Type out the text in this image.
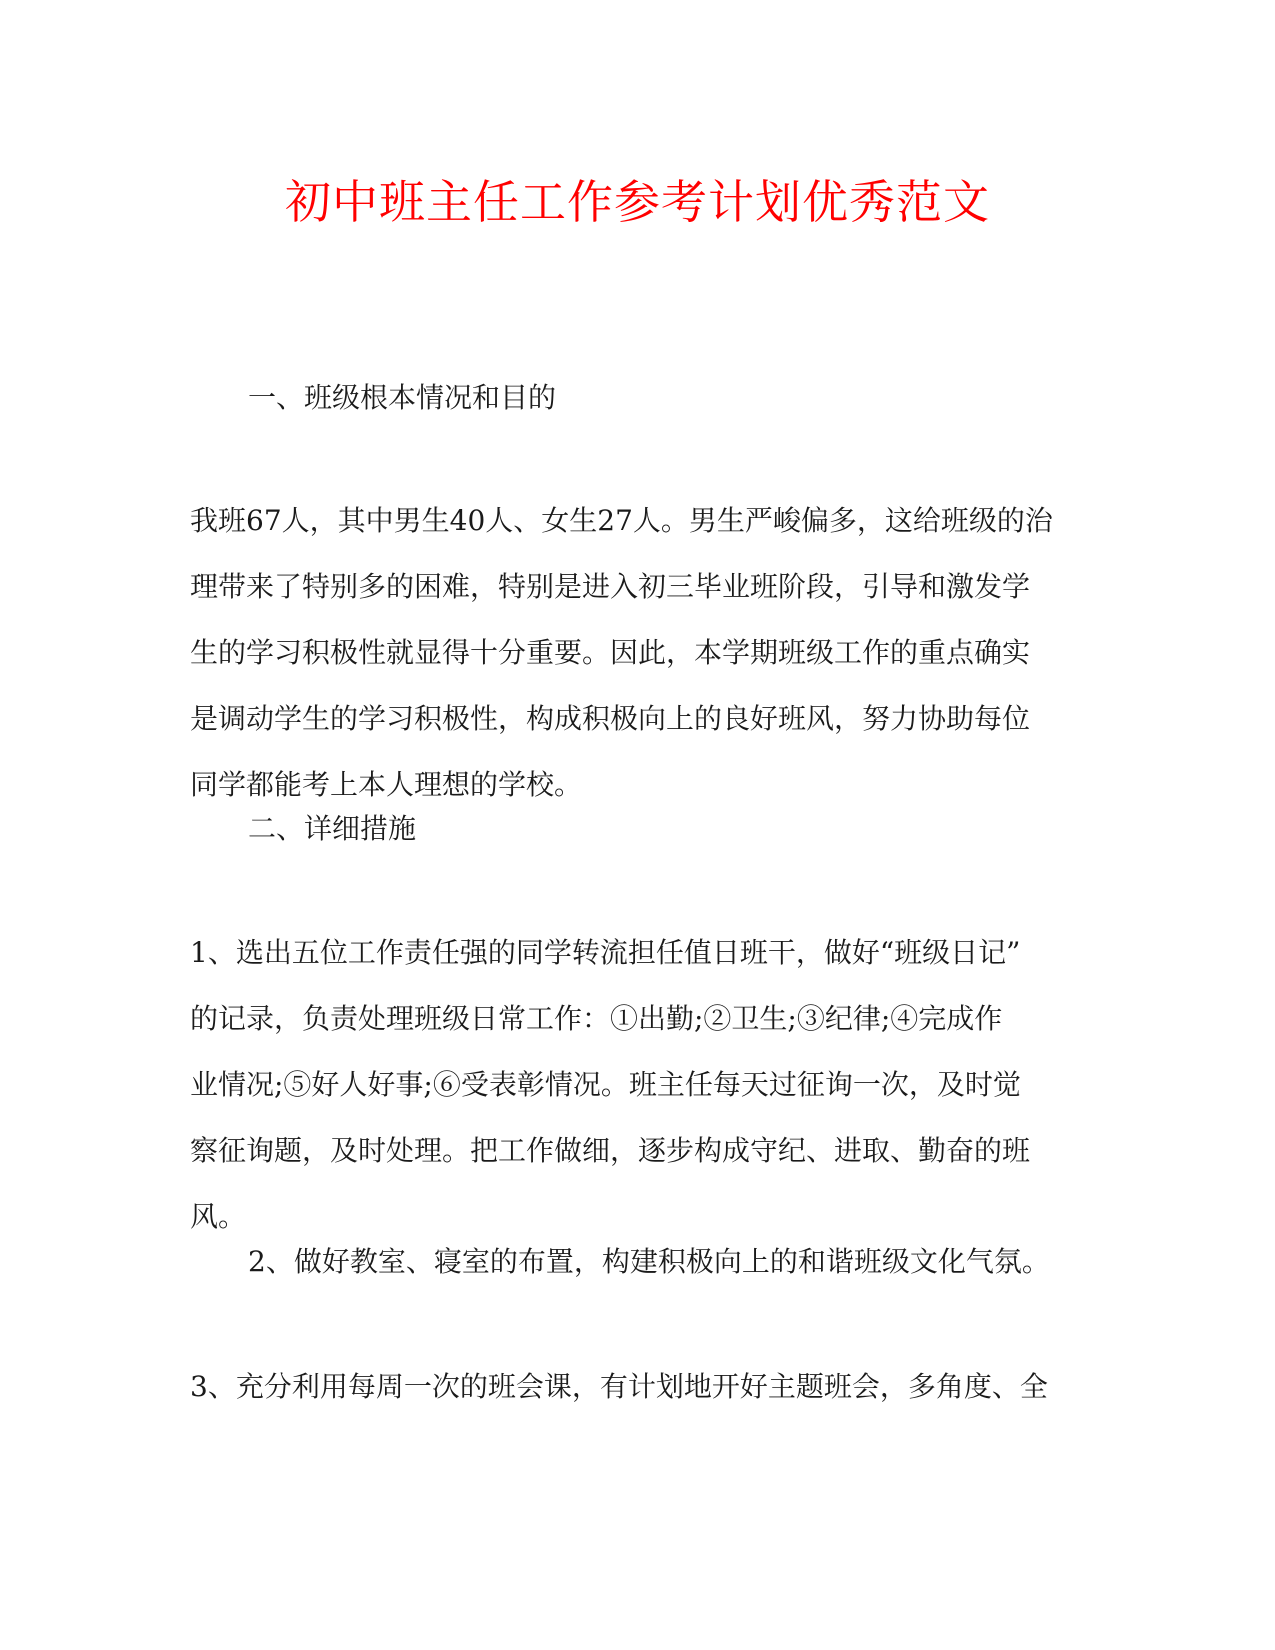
初中班主任工作参考计划优秀范文

一、班级根本情况和目的

我班67人，其中男生40人、女生27人。男生严峻偏多，这给班级的治
理带来了特别多的困难，特别是进入初三毕业班阶段，引导和激发学
生的学习积极性就显得十分重要。因此，本学期班级工作的重点确实
是调动学生的学习积极性，构成积极向上的良好班风，努力协助每位
同学都能考上本人理想的学校。

二、详细措施

1、选出五位工作责任强的同学转流担任值日班干，做好“班级日记”
的记录，负责处理班级日常工作：①出勤;②卫生;③纪律;④完成作
业情况;⑤好人好事;⑥受表彰情况。班主任每天过征询一次，及时觉
察征询题，及时处理。把工作做细，逐步构成守纪、进取、勤奋的班
风。

2、做好教室、寝室的布置，构建积极向上的和谐班级文化气氛。

3、充分利用每周一次的班会课，有计划地开好主题班会，多角度、全
